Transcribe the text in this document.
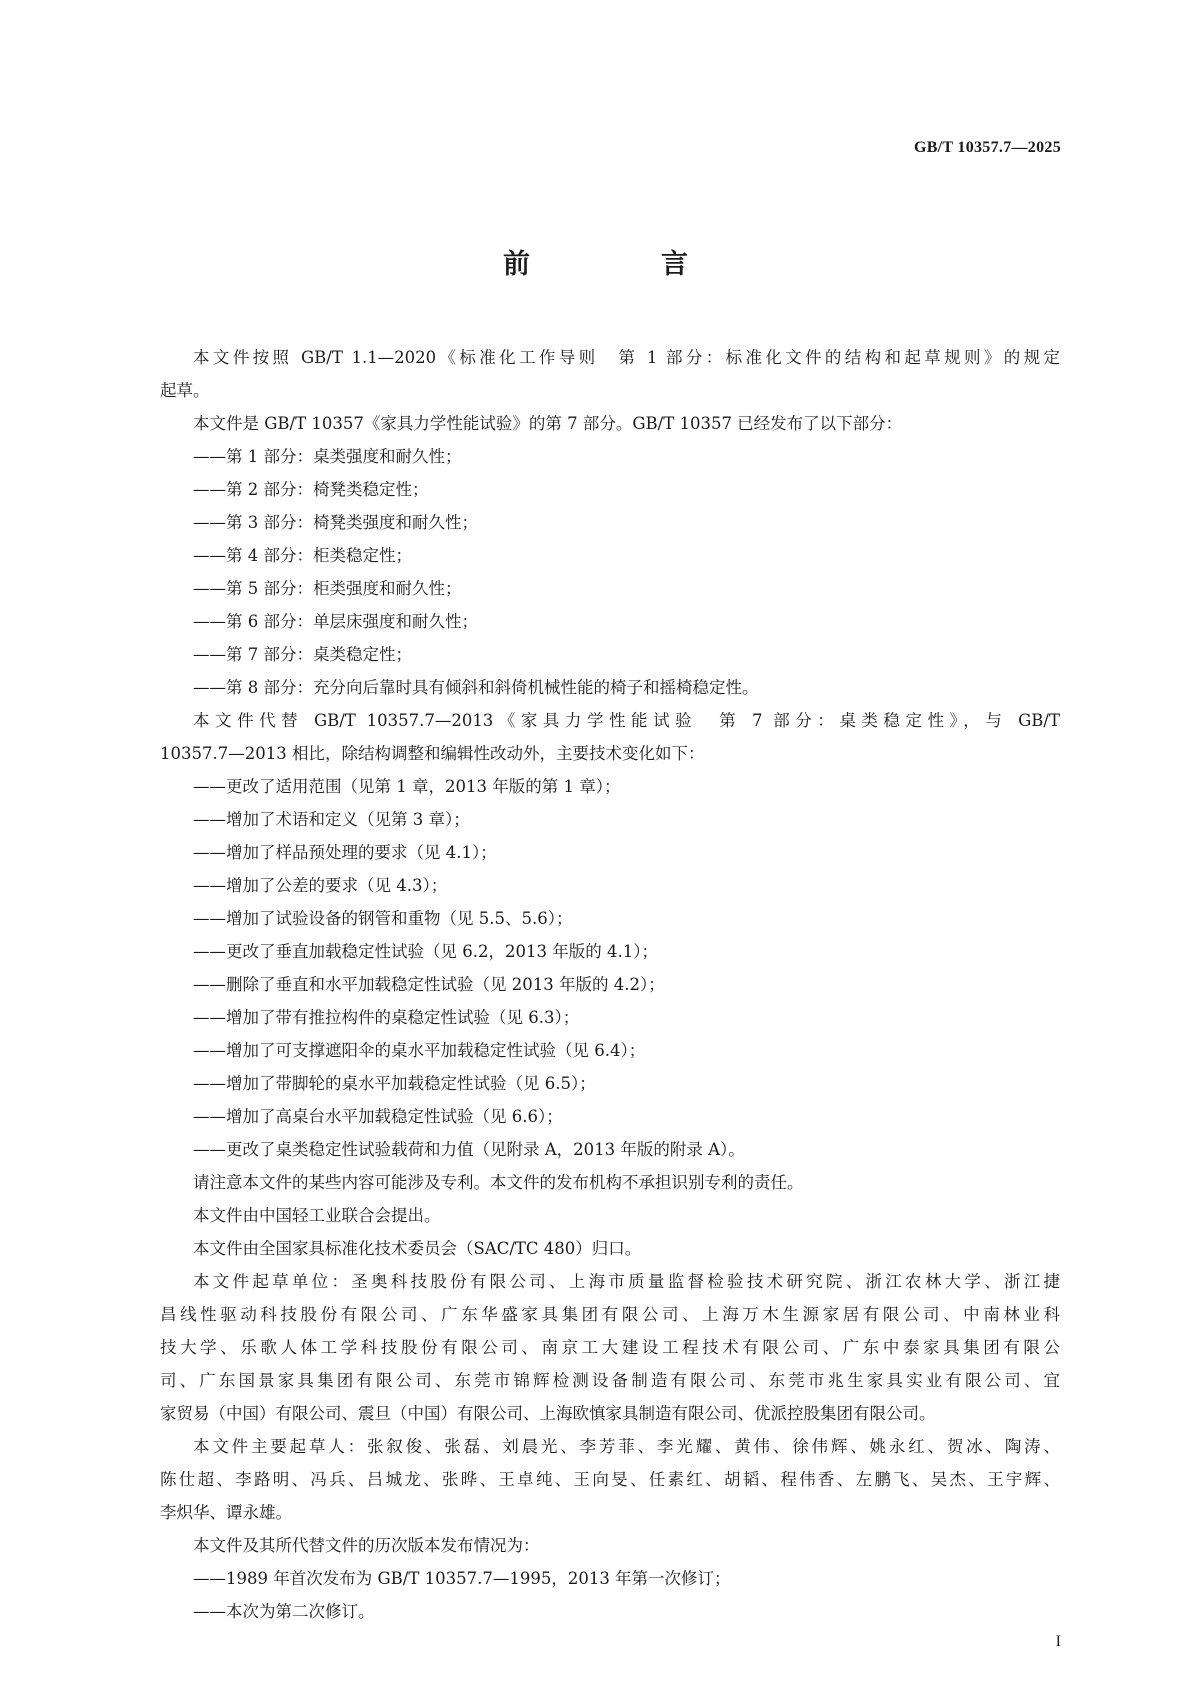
GB/T 10357.7—2025
前　言
本文件按照 GB/T 1.1—2020《标准化工作导则　第 1 部分：标准化文件的结构和起草规则》的规定
起草。
本文件是 GB/T 10357《家具力学性能试验》的第 7 部分。GB/T 10357 已经发布了以下部分：
——第 1 部分：桌类强度和耐久性；
——第 2 部分：椅凳类稳定性；
——第 3 部分：椅凳类强度和耐久性；
——第 4 部分：柜类稳定性；
——第 5 部分：柜类强度和耐久性；
——第 6 部分：单层床强度和耐久性；
——第 7 部分：桌类稳定性；
——第 8 部分：充分向后靠时具有倾斜和斜倚机械性能的椅子和摇椅稳定性。
本文件代替 GB/T 10357.7—2013《家具力学性能试验　第 7 部分：桌类稳定性》，与 GB/T
10357.7—2013 相比，除结构调整和编辑性改动外，主要技术变化如下：
——更改了适用范围（见第 1 章，2013 年版的第 1 章）；
——增加了术语和定义（见第 3 章）；
——增加了样品预处理的要求（见 4.1）；
——增加了公差的要求（见 4.3）；
——增加了试验设备的钢管和重物（见 5.5、5.6）；
——更改了垂直加载稳定性试验（见 6.2，2013 年版的 4.1）；
——删除了垂直和水平加载稳定性试验（见 2013 年版的 4.2）；
——增加了带有推拉构件的桌稳定性试验（见 6.3）；
——增加了可支撑遮阳伞的桌水平加载稳定性试验（见 6.4）；
——增加了带脚轮的桌水平加载稳定性试验（见 6.5）；
——增加了高桌台水平加载稳定性试验（见 6.6）；
——更改了桌类稳定性试验载荷和力值（见附录 A，2013 年版的附录 A）。
请注意本文件的某些内容可能涉及专利。本文件的发布机构不承担识别专利的责任。
本文件由中国轻工业联合会提出。
本文件由全国家具标准化技术委员会（SAC/TC 480）归口。
本文件起草单位：圣奥科技股份有限公司、上海市质量监督检验技术研究院、浙江农林大学、浙江捷
昌线性驱动科技股份有限公司、广东华盛家具集团有限公司、上海万木生源家居有限公司、中南林业科
技大学、乐歌人体工学科技股份有限公司、南京工大建设工程技术有限公司、广东中泰家具集团有限公
司、广东国景家具集团有限公司、东莞市锦辉检测设备制造有限公司、东莞市兆生家具实业有限公司、宜
家贸易（中国）有限公司、震旦（中国）有限公司、上海欧慎家具制造有限公司、优派控股集团有限公司。
本文件主要起草人：张叙俊、张磊、刘晨光、李芳菲、李光耀、黄伟、徐伟辉、姚永红、贺冰、陶涛、
陈仕超、李路明、冯兵、吕城龙、张晔、王卓纯、王向旻、任素红、胡韬、程伟香、左鹏飞、吴杰、王宇辉、
李炽华、谭永雄。
本文件及其所代替文件的历次版本发布情况为：
——1989 年首次发布为 GB/T 10357.7—1995，2013 年第一次修订；
——本次为第二次修订。
I
